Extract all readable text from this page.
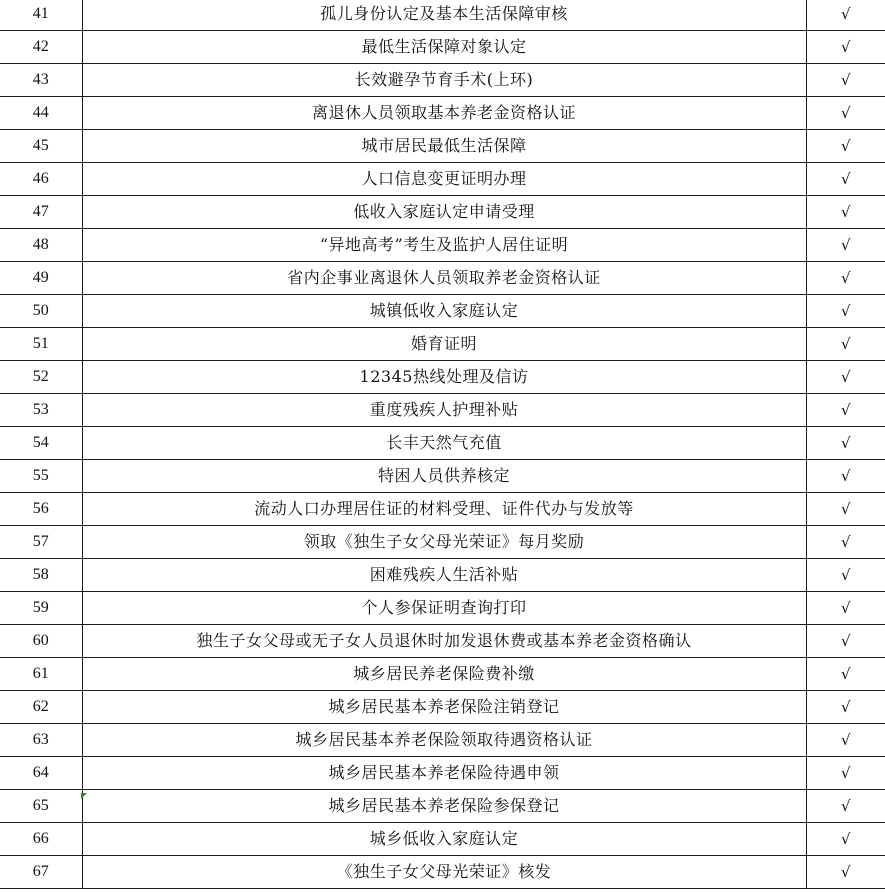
41	孤儿身份认定及基本生活保障审核	√
42	最低生活保障对象认定	√
43	长效避孕节育手术(上环)	√
44	离退休人员领取基本养老金资格认证	√
45	城市居民最低生活保障	√
46	人口信息变更证明办理	√
47	低收入家庭认定申请受理	√
48	“异地高考”考生及监护人居住证明	√
49	省内企事业离退休人员领取养老金资格认证	√
50	城镇低收入家庭认定	√
51	婚育证明	√
52	12345热线处理及信访	√
53	重度残疾人护理补贴	√
54	长丰天然气充值	√
55	特困人员供养核定	√
56	流动人口办理居住证的材料受理、证件代办与发放等	√
57	领取《独生子女父母光荣证》每月奖励	√
58	困难残疾人生活补贴	√
59	个人参保证明查询打印	√
60	独生子女父母或无子女人员退休时加发退休费或基本养老金资格确认	√
61	城乡居民养老保险费补缴	√
62	城乡居民基本养老保险注销登记	√
63	城乡居民基本养老保险领取待遇资格认证	√
64	城乡居民基本养老保险待遇申领	√
65	城乡居民基本养老保险参保登记	√
66	城乡低收入家庭认定	√
67	《独生子女父母光荣证》核发	√
